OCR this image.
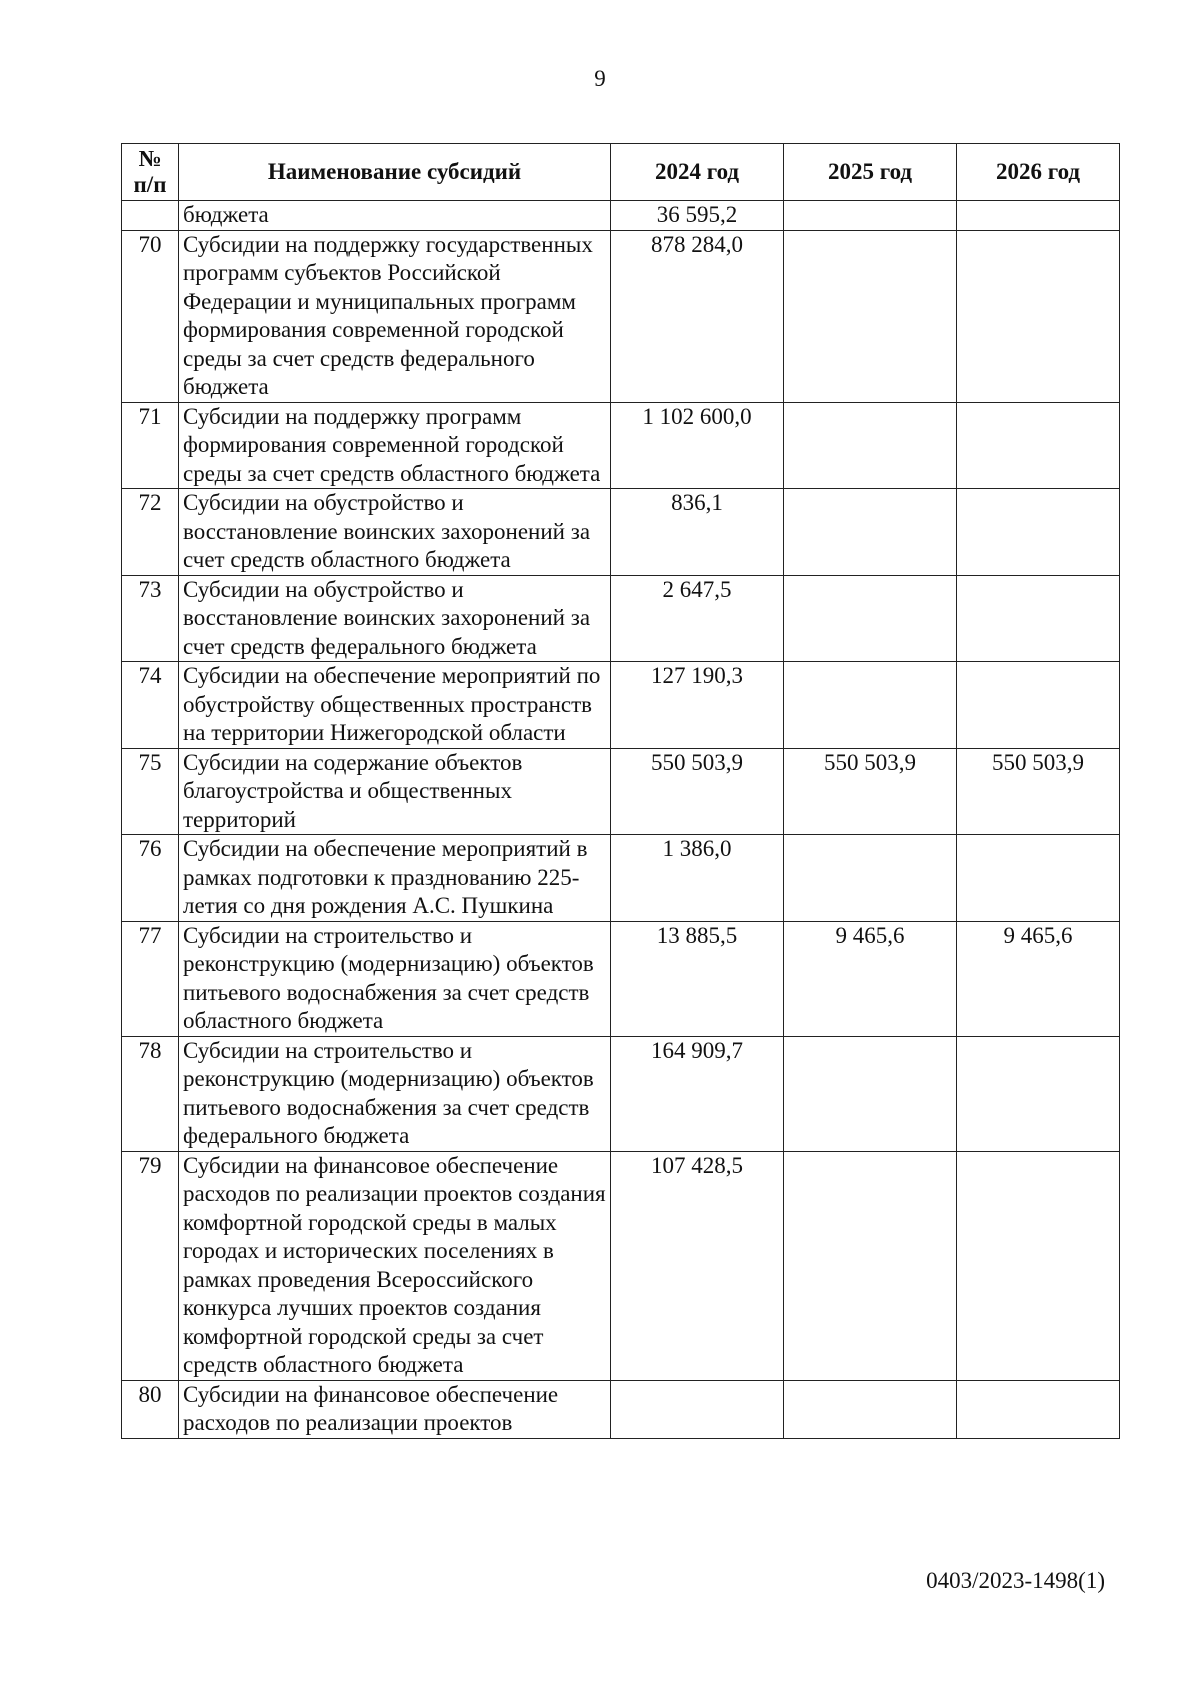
9
№
п/п	Наименование субсидий	2024 год	2025 год	2026 год
	бюджета	36 595,2		
70	Субсидии на поддержку государственных программ субъектов Российской Федерации и муниципальных программ формирования современной городской среды за счет средств федерального бюджета	878 284,0		
71	Субсидии на поддержку программ формирования современной городской среды за счет средств областного бюджета	1 102 600,0		
72	Субсидии на обустройство и восстановление воинских захоронений за счет средств областного бюджета	836,1		
73	Субсидии на обустройство и восстановление воинских захоронений за счет средств федерального бюджета	2 647,5		
74	Субсидии на обеспечение мероприятий по обустройству общественных пространств на территории Нижегородской области	127 190,3		
75	Субсидии на содержание объектов благоустройства и общественных территорий	550 503,9	550 503,9	550 503,9
76	Субсидии на обеспечение мероприятий в рамках подготовки к празднованию 225-летия со дня рождения А.С. Пушкина	1 386,0		
77	Субсидии на строительство и реконструкцию (модернизацию) объектов питьевого водоснабжения за счет средств областного бюджета	13 885,5	9 465,6	9 465,6
78	Субсидии на строительство и реконструкцию (модернизацию) объектов питьевого водоснабжения за счет средств федерального бюджета	164 909,7		
79	Субсидии на финансовое обеспечение расходов по реализации проектов создания комфортной городской среды в малых городах и исторических поселениях в рамках проведения Всероссийского конкурса лучших проектов создания комфортной городской среды за счет средств областного бюджета	107 428,5		
80	Субсидии на финансовое обеспечение расходов по реализации проектов			
0403/2023-1498(1)
